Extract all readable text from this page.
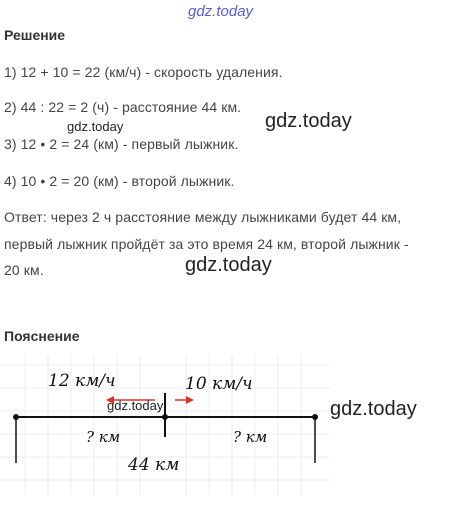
gdz.today
Решение
1) 12 + 10 = 22 (км/ч) - скорость удаления.
2) 44 : 22 = 2 (ч) - расстояние 44 км.
gdz.today	gdz.today
3) 12 • 2 = 24 (км) - первый лыжник.
4) 10 • 2 = 20 (км) - второй лыжник.
Ответ: через 2 ч расстояние между лыжниками будет 44 км,
первый лыжник пройдёт за это время 24 км, второй лыжник -
20 км.	gdz.today
Пояснение
12 км/ч	10 км/ч
gdz.today	gdz.today
? км	? км
44 км
